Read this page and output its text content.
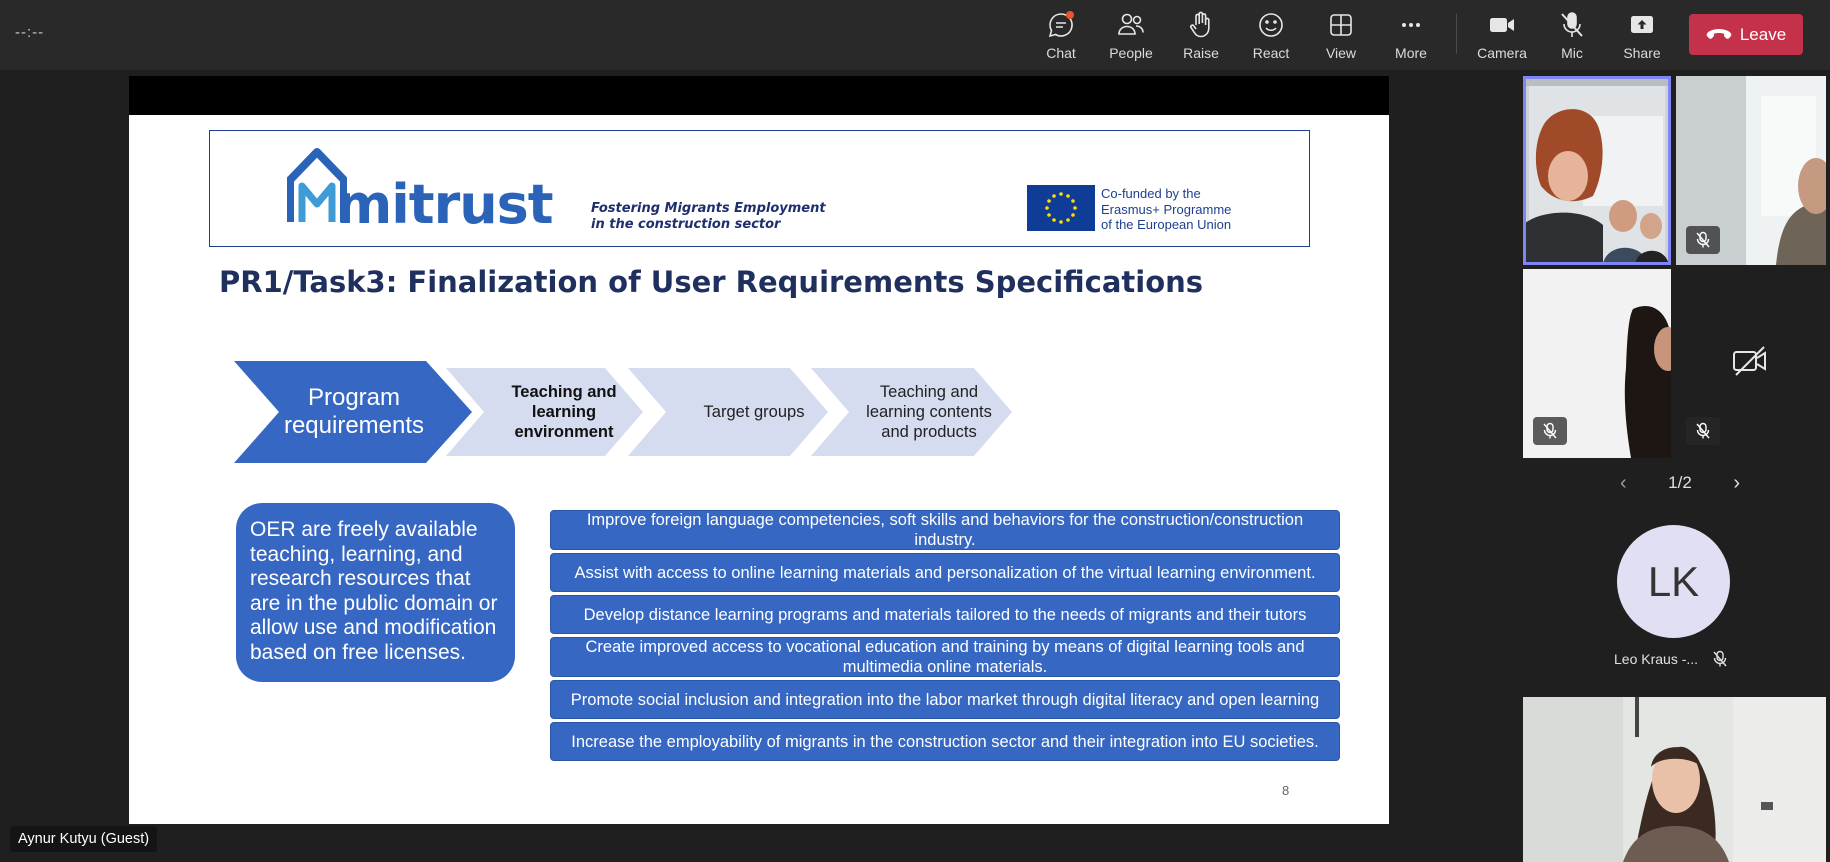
--:--
Chat	People	Raise	React	View	More	Camera	Mic	Share
Leave
mitrust	Fostering Migrants Employment
in the construction sector
Co-funded by the
Erasmus+ Programme
of the European Union
PR1/Task3: Finalization of User Requirements Specifications
Program requirements
Teaching and learning environment
Target groups
Teaching and learning contents and products
OER are freely available teaching, learning, and research resources that are in the public domain or allow use and modification based on free licenses.
Improve foreign language competencies, soft skills and behaviors for the construction/construction industry.
Assist with access to online learning materials and personalization of the virtual learning environment.
Develop distance learning programs and materials tailored to the needs of migrants and their tutors
Create improved access to vocational education and training by means of digital learning tools and multimedia online materials.
Promote social inclusion and integration into the labor market through digital literacy and open learning
Increase the employability of migrants in the construction sector and their integration into EU societies.
8
Aynur Kutyu (Guest)
‹ 1/2 ›
LK
Leo Kraus -...
